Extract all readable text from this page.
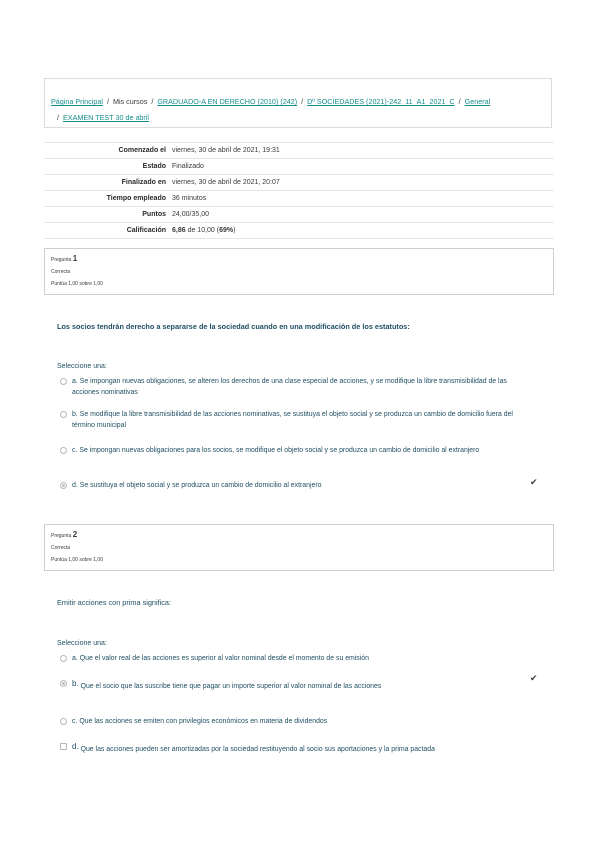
Página Principal / Mis cursos / GRADUADO-A EN DERECHO (2010) (242) / Dº SOCIEDADES (2021)-242_11_A1_2021_C / General
/ EXAMEN TEST 30 de abril
Comenzado el	viernes, 30 de abril de 2021, 19:31
Estado	Finalizado
Finalizado en	viernes, 30 de abril de 2021, 20:07
Tiempo empleado	36 minutos
Puntos	24,00/35,00
Calificación	6,86 de 10,00 (69%)
Pregunta 1
Correcta
Puntúa 1,00 sobre 1,00
Los socios tendrán derecho a separarse de la sociedad cuando en una modificación de los estatutos:
Seleccione una:
a. Se impongan nuevas obligaciones, se alteren los derechos de una clase especial de acciones, y se modifique la libre transmisibilidad de las acciones nominativas
b. Se modifique la libre transmisibilidad de las acciones nominativas, se sustituya el objeto social y se produzca un cambio de domicilio fuera del término municipal
c. Se impongan nuevas obligaciones para los socios, se modifique el objeto social y se produzca un cambio de domicilio al extranjero
d. Se sustituya el objeto social y se produzca un cambio de domicilio al extranjero	✔
Pregunta 2
Correcta
Puntúa 1,00 sobre 1,00
Emitir acciones con prima significa:
Seleccione una:
a. Que el valor real de las acciones es superior al valor nominal desde el momento de su emisión
b. Que el socio que las suscribe tiene que pagar un importe superior al valor nominal de las acciones
✔
c. Que las acciones se emiten con privilegios económicos en materia de dividendos
d. Que las acciones pueden ser amortizadas por la sociedad restituyendo al socio sus aportaciones y la prima pactada
